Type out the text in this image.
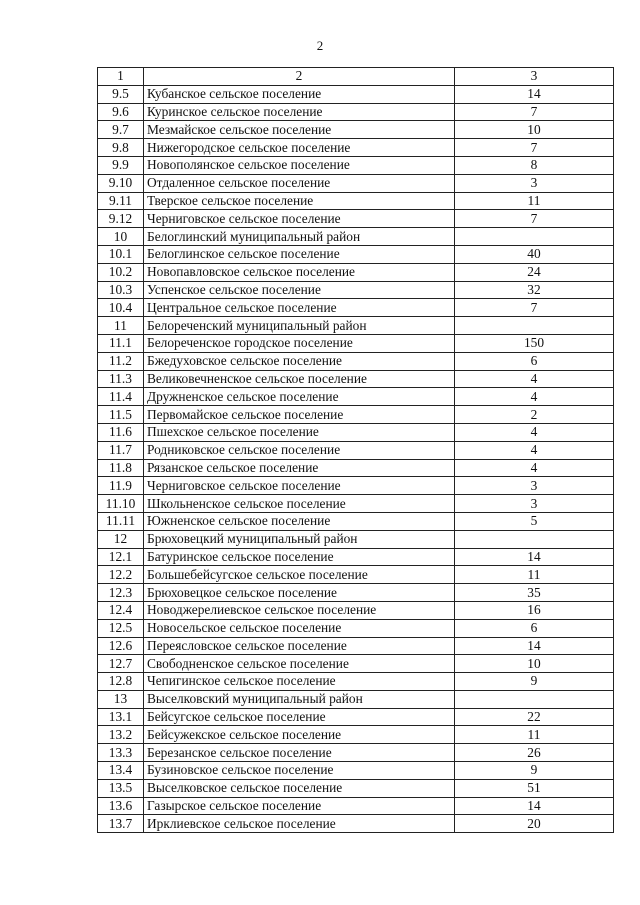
2
1	2	3
9.5	Кубанское сельское поселение	14
9.6	Куринское сельское поселение	7
9.7	Мезмайское сельское поселение	10
9.8	Нижегородское сельское поселение	7
9.9	Новополянское сельское поселение	8
9.10	Отдаленное сельское поселение	3
9.11	Тверское сельское поселение	11
9.12	Черниговское сельское поселение	7
10	Белоглинский муниципальный район	
10.1	Белоглинское сельское поселение	40
10.2	Новопавловское сельское поселение	24
10.3	Успенское сельское поселение	32
10.4	Центральное сельское поселение	7
11	Белореченский муниципальный район	
11.1	Белореченское городское поселение	150
11.2	Бжедуховское сельское поселение	6
11.3	Великовечненское сельское поселение	4
11.4	Дружненское сельское поселение	4
11.5	Первомайское сельское поселение	2
11.6	Пшехское сельское поселение	4
11.7	Родниковское сельское поселение	4
11.8	Рязанское сельское поселение	4
11.9	Черниговское сельское поселение	3
11.10	Школьненское сельское поселение	3
11.11	Южненское сельское поселение	5
12	Брюховецкий муниципальный район	
12.1	Батуринское сельское поселение	14
12.2	Большебейсугское сельское поселение	11
12.3	Брюховецкое сельское поселение	35
12.4	Новоджерелиевское сельское поселение	16
12.5	Новосельское сельское поселение	6
12.6	Переясловское сельское поселение	14
12.7	Свободненское сельское поселение	10
12.8	Чепигинское сельское поселение	9
13	Выселковский муниципальный район	
13.1	Бейсугское сельское поселение	22
13.2	Бейсужекское сельское поселение	11
13.3	Березанское сельское поселение	26
13.4	Бузиновское сельское поселение	9
13.5	Выселковское сельское поселение	51
13.6	Газырское сельское поселение	14
13.7	Ирклиевское сельское поселение	20
